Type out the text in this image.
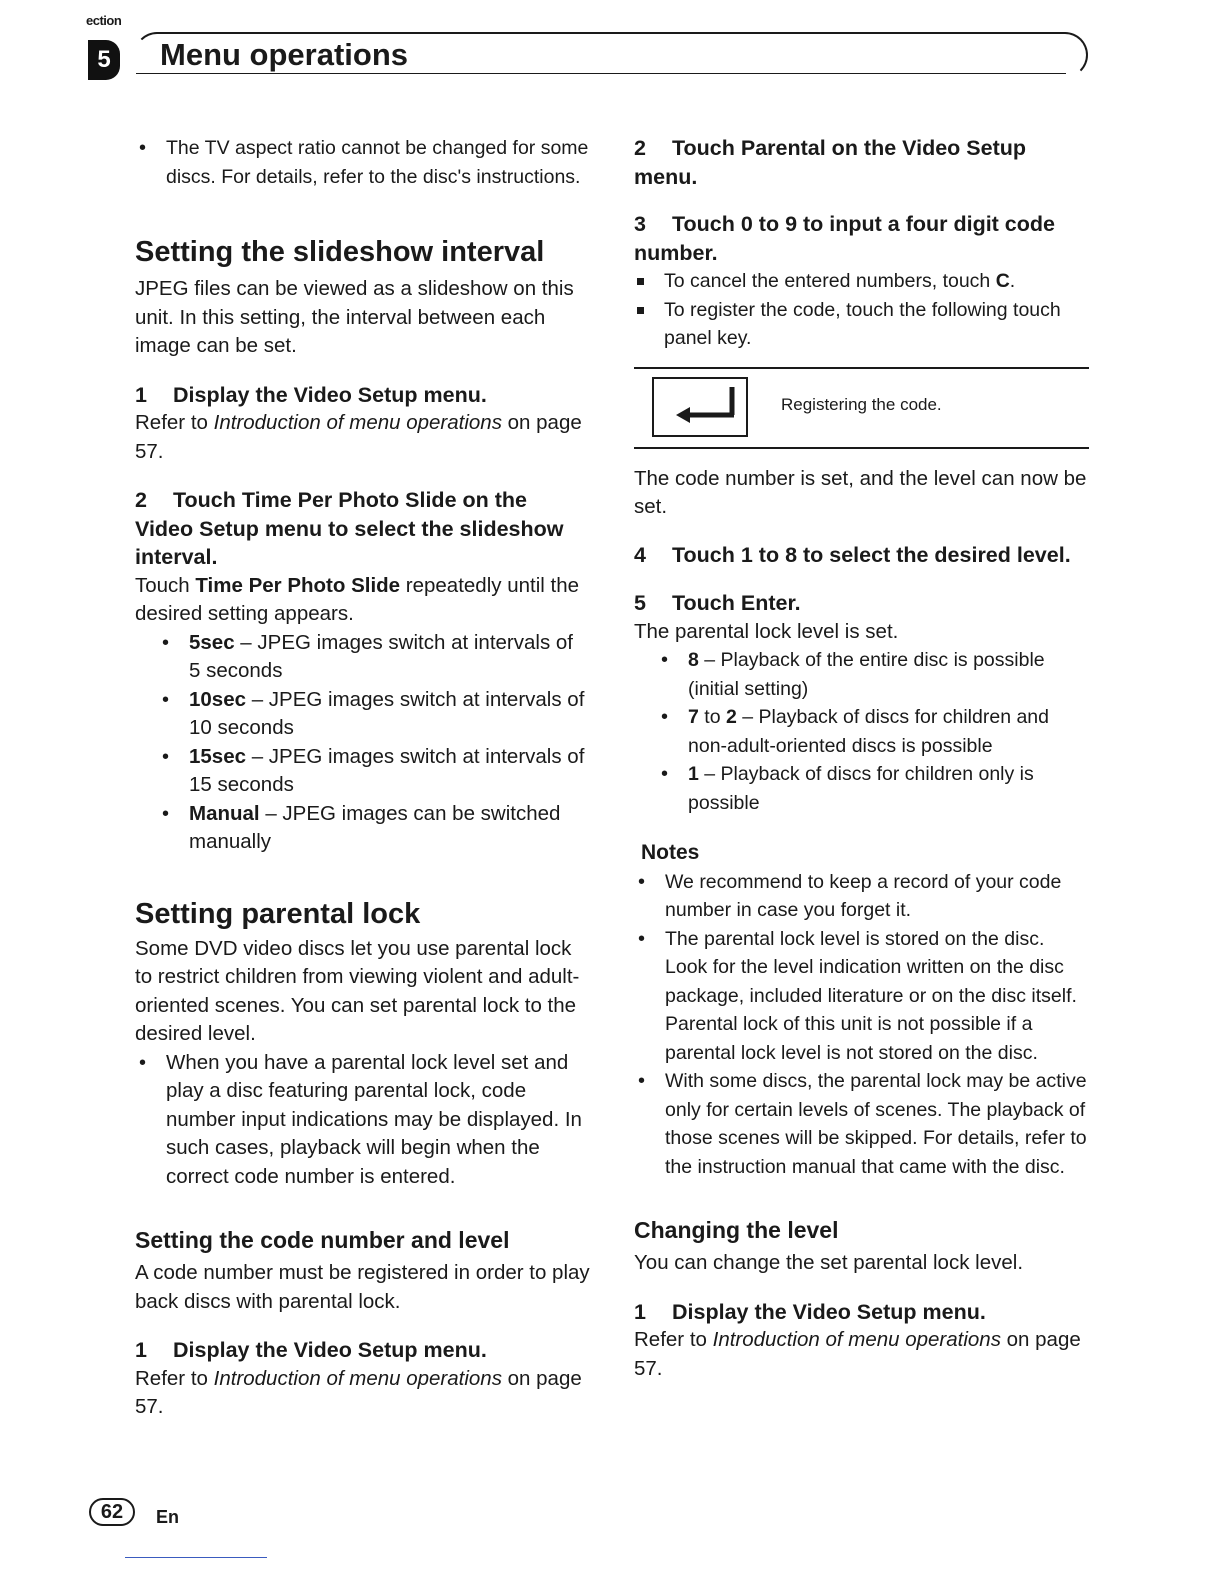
ection
5	Menu operations

• The TV aspect ratio cannot be changed for some discs. For details, refer to the disc's instructions.

Setting the slideshow interval

JPEG files can be viewed as a slideshow on this unit. In this setting, the interval between each image can be set.

1 Display the Video Setup menu.

Refer to Introduction of menu operations on page 57.

2 Touch Time Per Photo Slide on the Video Setup menu to select the slideshow interval.

Touch Time Per Photo Slide repeatedly until the desired setting appears.

• 5sec – JPEG images switch at intervals of 5 seconds

• 10sec – JPEG images switch at intervals of 10 seconds

• 15sec – JPEG images switch at intervals of 15 seconds

• Manual – JPEG images can be switched manually

Setting parental lock

Some DVD video discs let you use parental lock to restrict children from viewing violent and adult-oriented scenes. You can set parental lock to the desired level.

• When you have a parental lock level set and play a disc featuring parental lock, code number input indications may be displayed. In such cases, playback will begin when the correct code number is entered.

Setting the code number and level

A code number must be registered in order to play back discs with parental lock.

1 Display the Video Setup menu.

Refer to Introduction of menu operations on page 57.

2 Touch Parental on the Video Setup menu.

3 Touch 0 to 9 to input a four digit code number.

To cancel the entered numbers, touch C.

To register the code, touch the following touch panel key.

Registering the code.

The code number is set, and the level can now be set.

4 Touch 1 to 8 to select the desired level.

5 Touch Enter.

The parental lock level is set.

• 8 – Playback of the entire disc is possible (initial setting)

• 7 to 2 – Playback of discs for children and non-adult-oriented discs is possible

• 1 – Playback of discs for children only is possible

Notes

• We recommend to keep a record of your code number in case you forget it.

• The parental lock level is stored on the disc. Look for the level indication written on the disc package, included literature or on the disc itself. Parental lock of this unit is not possible if a parental lock level is not stored on the disc.

• With some discs, the parental lock may be active only for certain levels of scenes. The playback of those scenes will be skipped. For details, refer to the instruction manual that came with the disc.

Changing the level

You can change the set parental lock level.

1 Display the Video Setup menu.

Refer to Introduction of menu operations on page 57.

62	En
